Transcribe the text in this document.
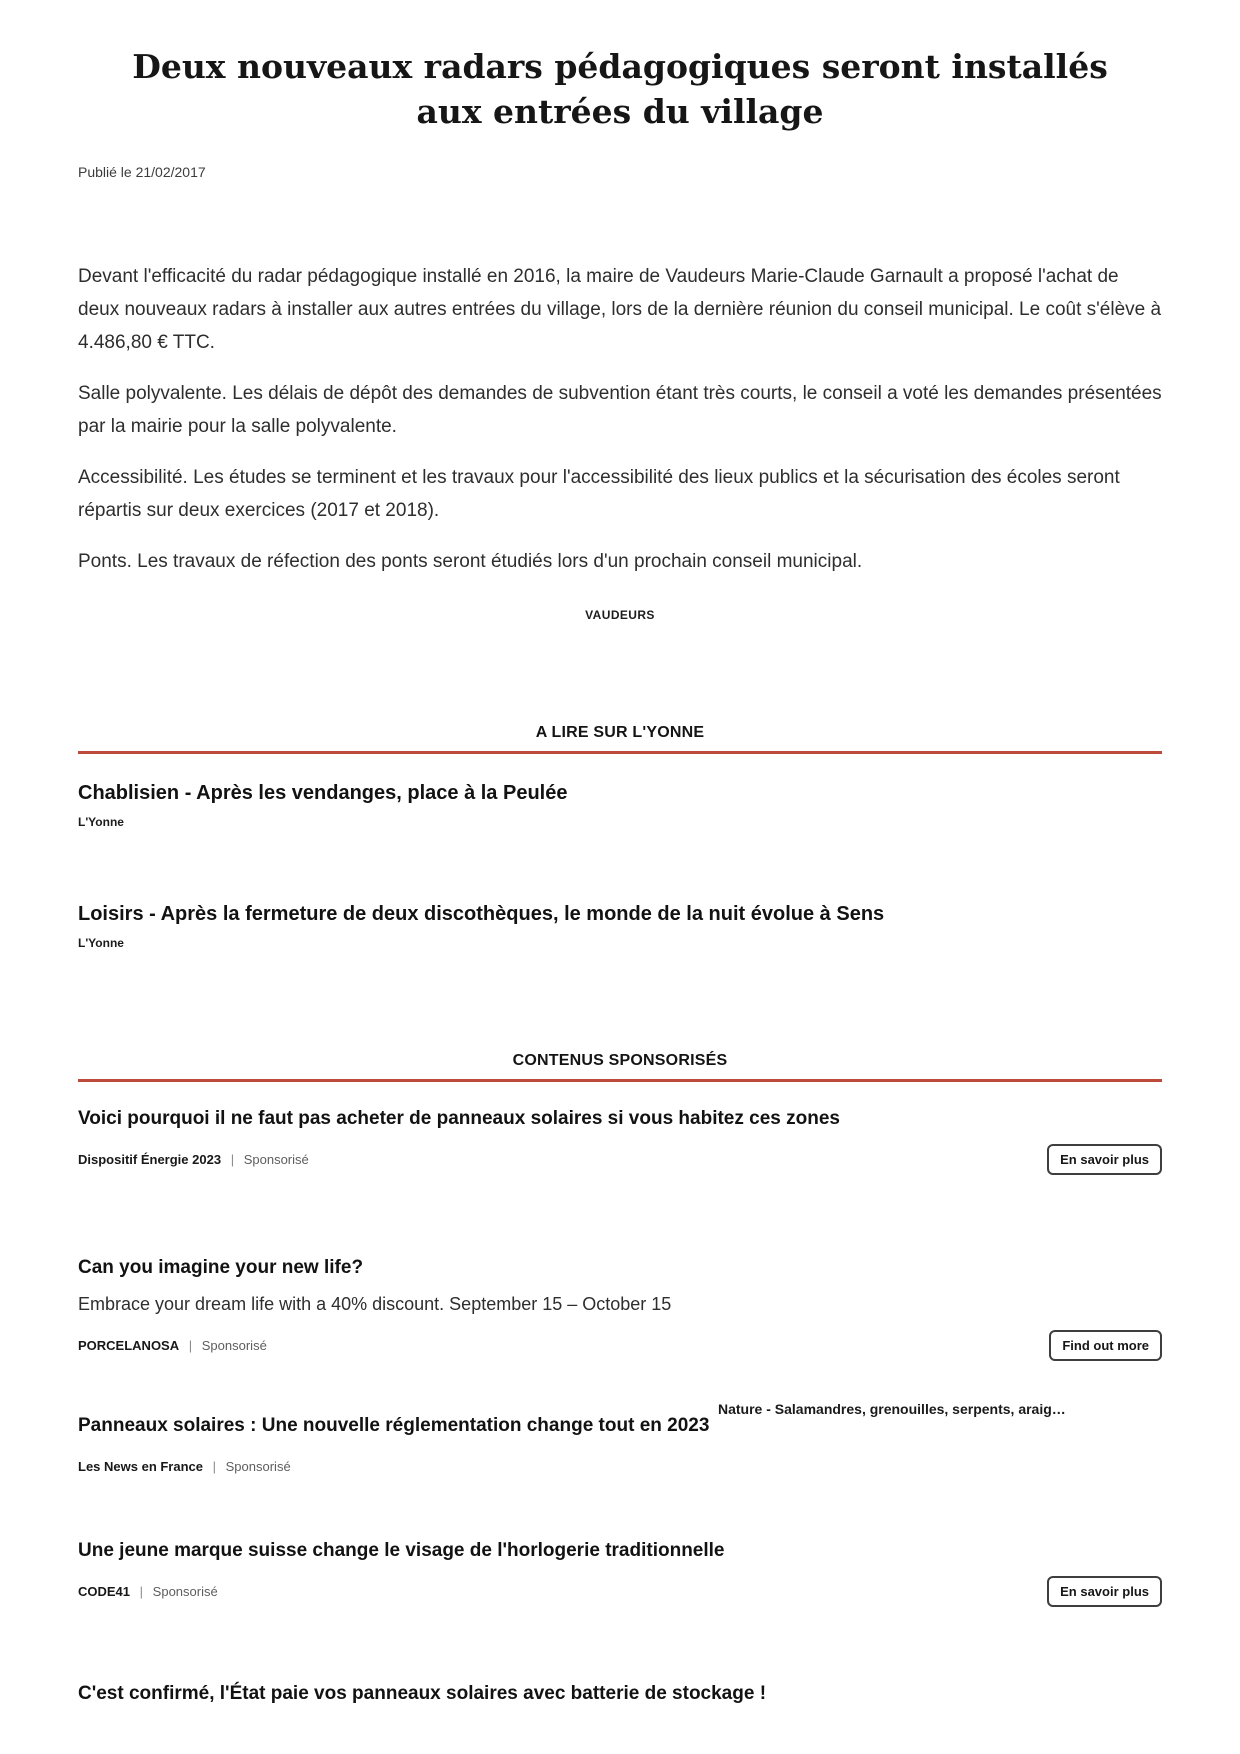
Deux nouveaux radars pédagogiques seront installés aux entrées du village
Publié le 21/02/2017

Devant l'efficacité du radar pédagogique installé en 2016, la maire de Vaudeurs Marie-Claude Garnault a proposé l'achat de deux nouveaux radars à installer aux autres entrées du village, lors de la dernière réunion du conseil municipal. Le coût s'élève à 4.486,80 € TTC.

Salle polyvalente. Les délais de dépôt des demandes de subvention étant très courts, le conseil a voté les demandes présentées par la mairie pour la salle polyvalente.

Accessibilité. Les études se terminent et les travaux pour l'accessibilité des lieux publics et la sécurisation des écoles seront répartis sur deux exercices (2017 et 2018).

Ponts. Les travaux de réfection des ponts seront étudiés lors d'un prochain conseil municipal.

VAUDEURS
A LIRE SUR L'YONNE
Chablisien - Après les vendanges, place à la Peulée
L'Yonne
Loisirs - Après la fermeture de deux discothèques, le monde de la nuit évolue à Sens
L'Yonne
CONTENUS SPONSORISÉS
Voici pourquoi il ne faut pas acheter de panneaux solaires si vous habitez ces zones
Dispositif Énergie 2023 | Sponsorisé	En savoir plus
Can you imagine your new life?
Embrace your dream life with a 40% discount. September 15 – October 15
PORCELANOSA | Sponsorisé	Find out more
Nature - Salamandres, grenouilles, serpents, araig…
Panneaux solaires : Une nouvelle réglementation change tout en 2023
Les News en France | Sponsorisé
Une jeune marque suisse change le visage de l'horlogerie traditionnelle
CODE41 | Sponsorisé	En savoir plus
C'est confirmé, l'État paie vos panneaux solaires avec batterie de stockage !
